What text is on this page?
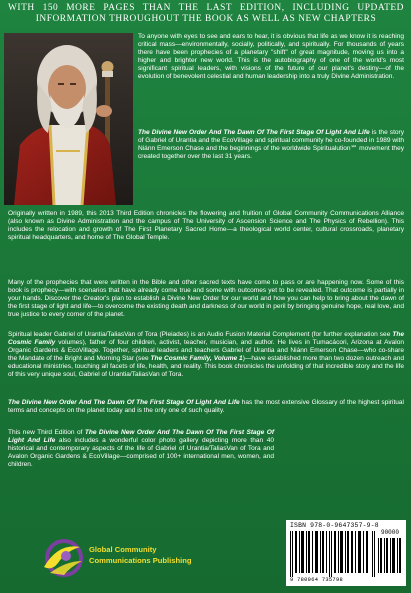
WITH 150 MORE PAGES THAN THE LAST EDITION, INCLUDING UPDATED INFORMATION THROUGHOUT THE BOOK AS WELL AS NEW CHAPTERS
To anyone with eyes to see and ears to hear, it is obvious that life as we know it is reaching critical mass—environmentally, socially, politically, and spiritually. For thousands of years there have been prophecies of a planetary "shift" of great magnitude, moving us into a higher and brighter new world. This is the autobiography of one of the world's most significant spiritual leaders, with visions of the future of our planet's destiny—of the evolution of benevolent celestial and human leadership into a truly Divine Administration.
The Divine New Order And The Dawn Of The First Stage Of Light And Life is the story of Gabriel of Urantia and the EcoVillage and spiritual community he co-founded in 1989 with Niánn Emerson Chase and the beginnings of the worldwide Spiritualution℠ movement they created together over the last 31 years.
Originally written in 1989, this 2013 Third Edition chronicles the flowering and fruition of Global Community Communications Alliance (also known as Divine Administration and the campus of The University of Ascension Science and The Physics of Rebellion). This includes the relocation and growth of The First Planetary Sacred Home—a theological world center, cultural crossroads, planetary spiritual headquarters, and home of The Global Temple.
Many of the prophecies that were written in the Bible and other sacred texts have come to pass or are happening now. Some of this book is prophecy—with scenarios that have already come true and some with outcomes yet to be revealed. That outcome is partially in your hands. Discover the Creator's plan to establish a Divine New Order for our world and how you can help to bring about the dawn of the first stage of light and life—to overcome the existing death and darkness of our world in peril by bringing genuine hope, real love, and true justice to every corner of the planet.
Spiritual leader Gabriel of Urantia/TaliasVan of Tora (Pleiades) is an Audio Fusion Material Complement (for further explanation see The Cosmic Family volumes), father of four children, activist, teacher, musician, and author. He lives in Tumacácori, Arizona at Avalon Organic Gardens & EcoVillage. Together, spiritual leaders and teachers Gabriel of Urantia and Niánn Emerson Chase—who co-share the Mandate of the Bright and Morning Star (see The Cosmic Family, Volume 1)—have established more than two dozen outreach and educational ministries, touching all facets of life, health, and reality. This book chronicles the unfolding of that incredible story and the life of this very unique soul, Gabriel of Urantia/TaliasVan of Tora.
The Divine New Order And The Dawn Of The First Stage Of Light And Life has the most extensive Glossary of the highest spiritual terms and concepts on the planet today and is the only one of such quality.
This new Third Edition of The Divine New Order And The Dawn Of The First Stage Of Light And Life also includes a wonderful color photo gallery depicting more than 40 historical and contemporary aspects of the life of Gabriel of Urantia/TaliasVan of Tora and Avalon Organic Gardens & EcoVillage—comprised of 100+ international men, women, and children.
Global Community
Communications Publishing
ISBN 978-0-9647357-9-8
90000
9 780964 735798
